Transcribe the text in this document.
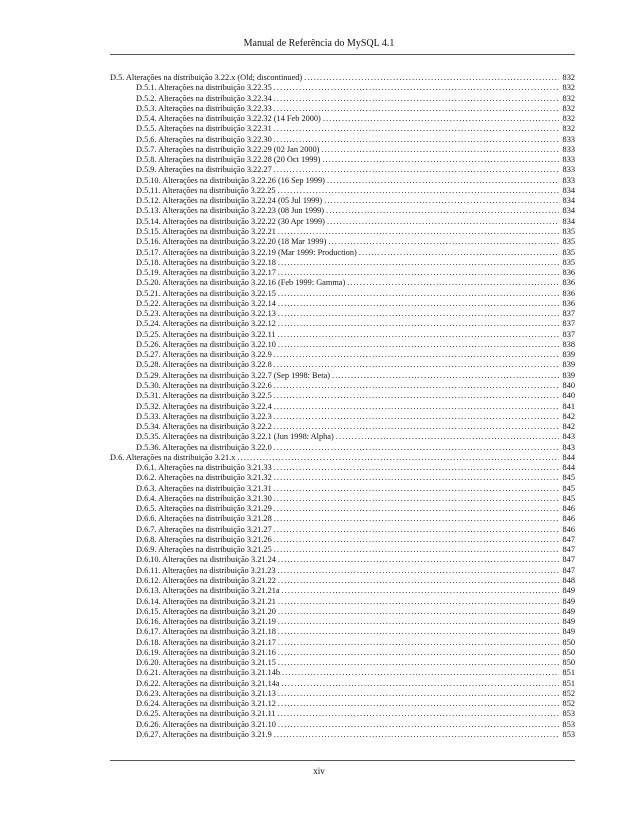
Manual de Referência do MySQL 4.1
D.5. Alterações na distribuição 3.22.x (Old; discontinued) .....	832
D.5.1. Alterações na distribuição 3.22.35 .....	832
D.5.2. Alterações na distribuição 3.22.34 .....	832
D.5.3. Alterações na distribuição 3.22.33 .....	832
D.5.4. Alterações na distribuição 3.22.32 (14 Feb 2000) .....	832
D.5.5. Alterações na distribuição 3.22.31 .....	832
D.5.6. Alterações na distribuição 3.22.30 .....	833
D.5.7. Alterações na distribuição 3.22.29 (02 Jan 2000) .....	833
D.5.8. Alterações na distribuição 3.22.28 (20 Oct 1999) .....	833
D.5.9. Alterações na distribuição 3.22.27 .....	833
D.5.10. Alterações na distribuição 3.22.26 (16 Sep 1999) .....	833
D.5.11. Alterações na distribuição 3.22.25 .....	834
D.5.12. Alterações na distribuição 3.22.24 (05 Jul 1999) .....	834
D.5.13. Alterações na distribuição 3.22.23 (08 Jun 1999) .....	834
D.5.14. Alterações na distribuição 3.22.22 (30 Apr 1999) .....	834
D.5.15. Alterações na distribuição 3.22.21 .....	835
D.5.16. Alterações na distribuição 3.22.20 (18 Mar 1999) .....	835
D.5.17. Alterações na distribuição 3.22.19 (Mar 1999: Production) .....	835
D.5.18. Alterações na distribuição 3.22.18 .....	835
D.5.19. Alterações na distribuição 3.22.17 .....	836
D.5.20. Alterações na distribuição 3.22.16 (Feb 1999: Gamma) .....	836
D.5.21. Alterações na distribuição 3.22.15 .....	836
D.5.22. Alterações na distribuição 3.22.14 .....	836
D.5.23. Alterações na distribuição 3.22.13 .....	837
D.5.24. Alterações na distribuição 3.22.12 .....	837
D.5.25. Alterações na distribuição 3.22.11 .....	837
D.5.26. Alterações na distribuição 3.22.10 .....	838
D.5.27. Alterações na distribuição 3.22.9 .....	839
D.5.28. Alterações na distribuição 3.22.8 .....	839
D.5.29. Alterações na distribuição 3.22.7 (Sep 1998: Beta) .....	839
D.5.30. Alterações na distribuição 3.22.6 .....	840
D.5.31. Alterações na distribuição 3.22.5 .....	840
D.5.32. Alterações na distribuição 3.22.4 .....	841
D.5.33. Alterações na distribuição 3.22.3 .....	842
D.5.34. Alterações na distribuição 3.22.2 .....	842
D.5.35. Alterações na distribuição 3.22.1 (Jun 1998: Alpha) .....	843
D.5.36. Alterações na distribuição 3.22.0 .....	843
D.6. Alterações na distribuição 3.21.x .....	844
D.6.1. Alterações na distribuição 3.21.33 .....	844
D.6.2. Alterações na distribuição 3.21.32 .....	845
D.6.3. Alterações na distribuição 3.21.31 .....	845
D.6.4. Alterações na distribuição 3.21.30 .....	845
D.6.5. Alterações na distribuição 3.21.29 .....	846
D.6.6. Alterações na distribuição 3.21.28 .....	846
D.6.7. Alterações na distribuição 3.21.27 .....	846
D.6.8. Alterações na distribuição 3.21.26 .....	847
D.6.9. Alterações na distribuição 3.21.25 .....	847
D.6.10. Alterações na distribuição 3.21.24 .....	847
D.6.11. Alterações na distribuição 3.21.23 .....	847
D.6.12. Alterações na distribuição 3.21.22 .....	848
D.6.13. Alterações na distribuição 3.21.21a .....	849
D.6.14. Alterações na distribuição 3.21.21 .....	849
D.6.15. Alterações na distribuição 3.21.20 .....	849
D.6.16. Alterações na distribuição 3.21.19 .....	849
D.6.17. Alterações na distribuição 3.21.18 .....	849
D.6.18. Alterações na distribuição 3.21.17 .....	850
D.6.19. Alterações na distribuição 3.21.16 .....	850
D.6.20. Alterações na distribuição 3.21.15 .....	850
D.6.21. Alterações na distribuição 3.21.14b .....	851
D.6.22. Alterações na distribuição 3.21.14a .....	851
D.6.23. Alterações na distribuição 3.21.13 .....	852
D.6.24. Alterações na distribuição 3.21.12 .....	852
D.6.25. Alterações na distribuição 3.21.11 .....	853
D.6.26. Alterações na distribuição 3.21.10 .....	853
D.6.27. Alterações na distribuição 3.21.9 .....	853
xiv
